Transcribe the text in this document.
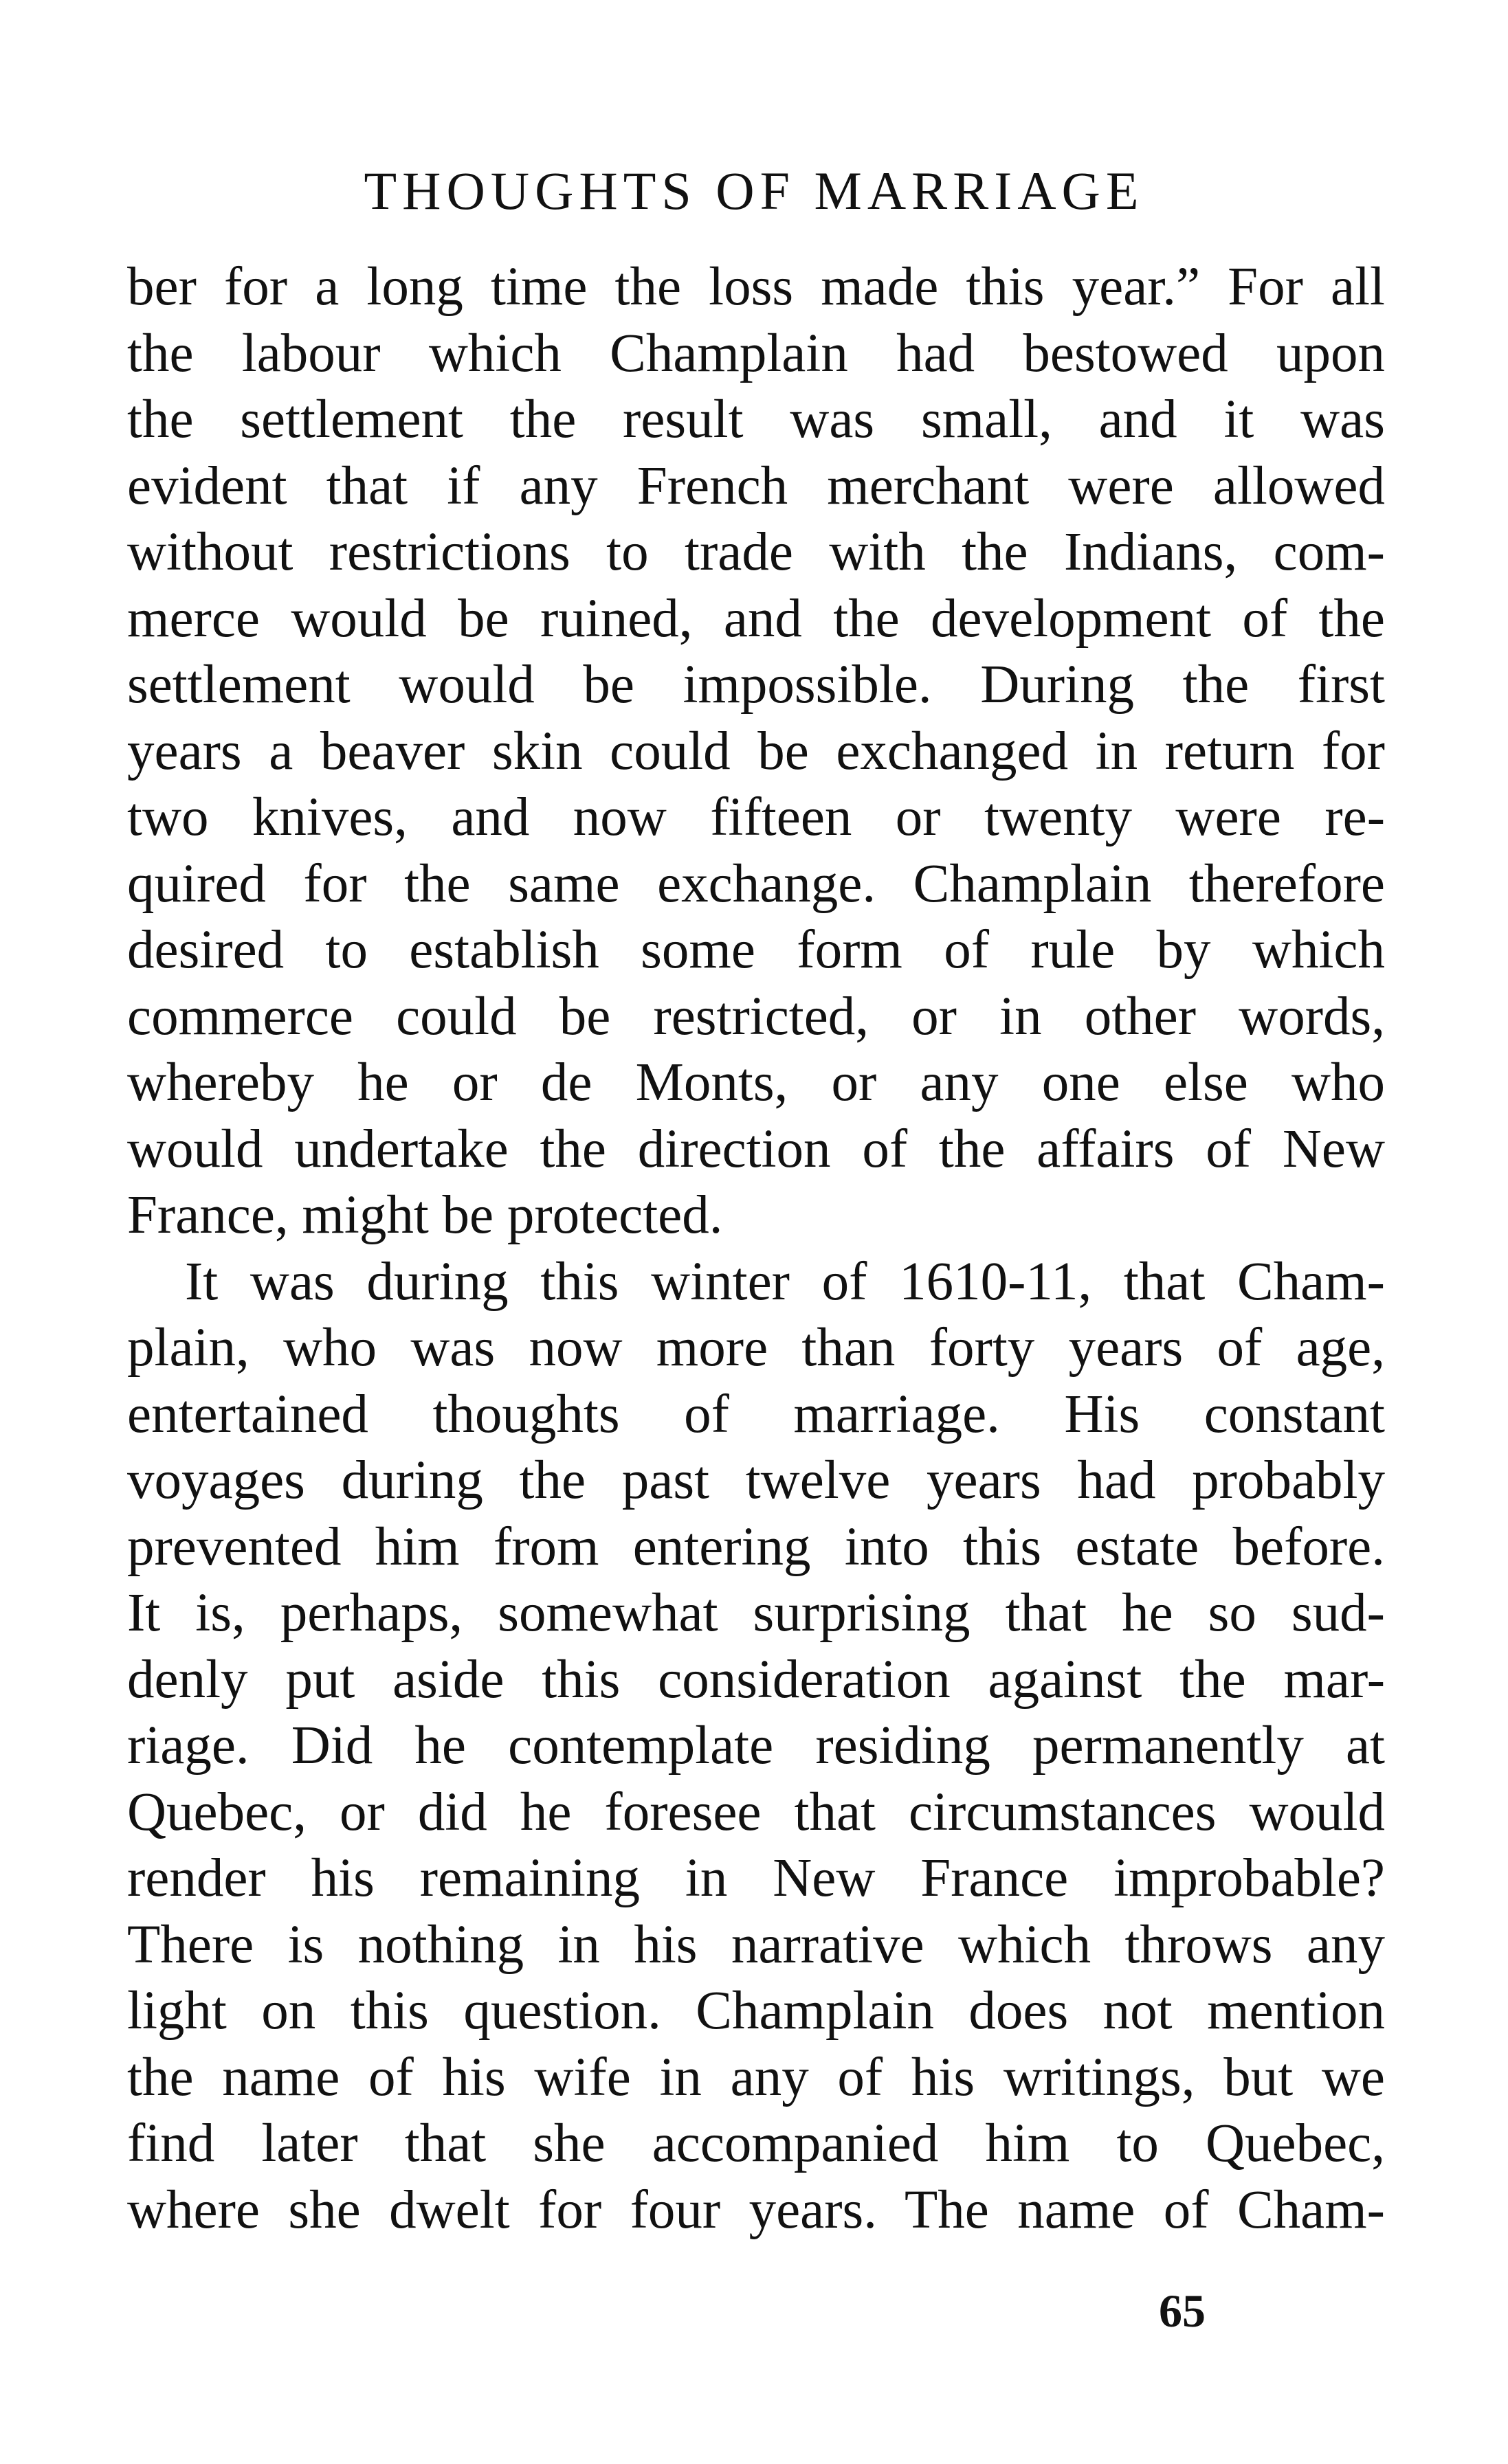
THOUGHTS OF MARRIAGE
ber for a long time the loss made this year.” For all
the labour which Champlain had bestowed upon
the settlement the result was small, and it was
evident that if any French merchant were allowed
without restrictions to trade with the Indians, com-
merce would be ruined, and the development of the
settlement would be impossible. During the first
years a beaver skin could be exchanged in return for
two knives, and now fifteen or twenty were re-
quired for the same exchange. Champlain therefore
desired to establish some form of rule by which
commerce could be restricted, or in other words,
whereby he or de Monts, or any one else who
would undertake the direction of the affairs of New
France, might be protected.
It was during this winter of 1610-11, that Cham-
plain, who was now more than forty years of age,
entertained thoughts of marriage. His constant
voyages during the past twelve years had probably
prevented him from entering into this estate before.
It is, perhaps, somewhat surprising that he so sud-
denly put aside this consideration against the mar-
riage. Did he contemplate residing permanently at
Quebec, or did he foresee that circumstances would
render his remaining in New France improbable?
There is nothing in his narrative which throws any
light on this question. Champlain does not mention
the name of his wife in any of his writings, but we
find later that she accompanied him to Quebec,
where she dwelt for four years. The name of Cham-
65
